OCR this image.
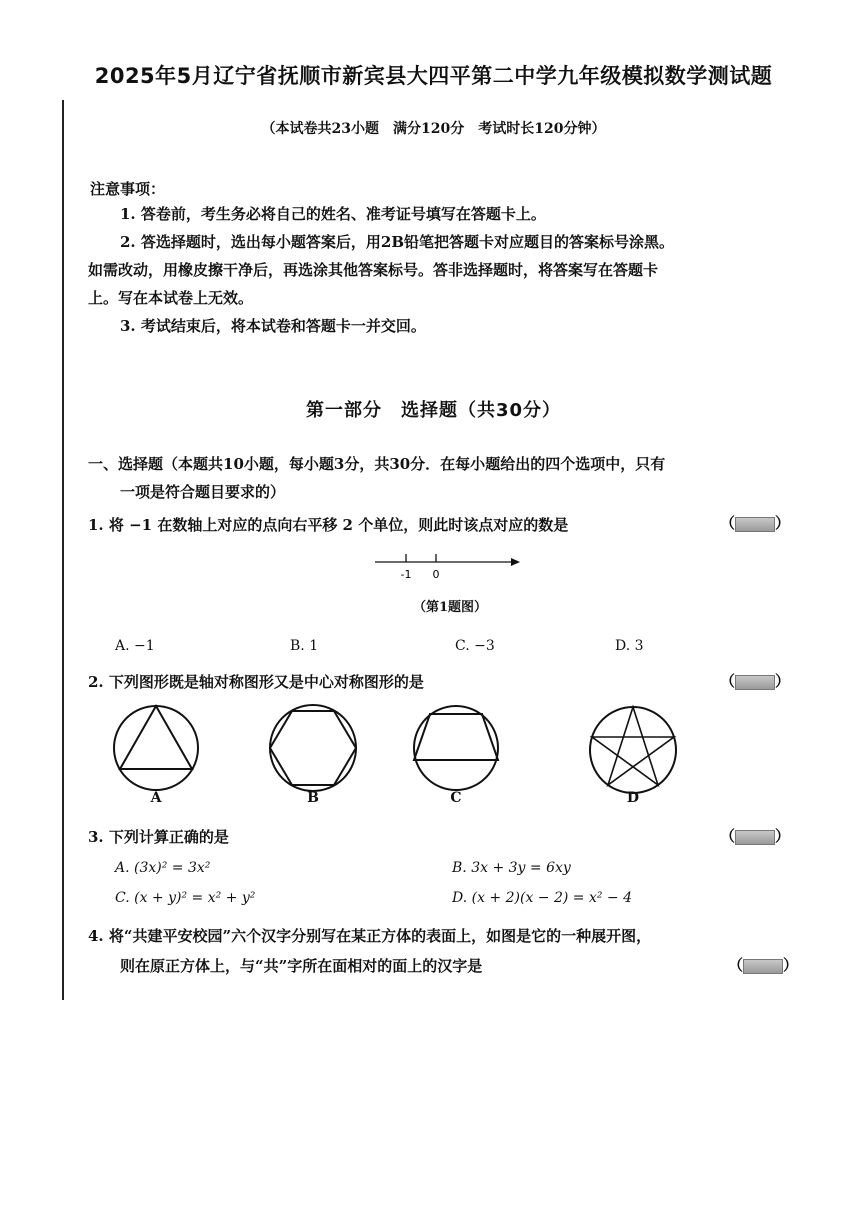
2025年5月辽宁省抚顺市新宾县大四平第二中学九年级模拟数学测试题
（本试卷共23小题　满分120分　考试时长120分钟）
注意事项：
1. 答卷前，考生务必将自己的姓名、准考证号填写在答题卡上。
2. 答选择题时，选出每小题答案后，用2B铅笔把答题卡对应题目的答案标号涂黑。
如需改动，用橡皮擦干净后，再选涂其他答案标号。答非选择题时，将答案写在答题卡
上。写在本试卷上无效。
3. 考试结束后，将本试卷和答题卡一并交回。
第一部分　选择题（共30分）
一、选择题（本题共10小题，每小题3分，共30分．在每小题给出的四个选项中，只有
一项是符合题目要求的）
1. 将 −1 在数轴上对应的点向右平移 2 个单位，则此时该点对应的数是	（	）
-1 0
（第1题图）
A. −1	B. 1	C. −3	D. 3
2. 下列图形既是轴对称图形又是中心对称图形的是	（	）
A	B	C	D
3. 下列计算正确的是	（	）
A. (3x)² = 3x²	B. 3x + 3y = 6xy
C. (x + y)² = x² + y²	D. (x + 2)(x − 2) = x² − 4
4. 将“共建平安校园”六个汉字分别写在某正方体的表面上，如图是它的一种展开图，
则在原正方体上，与“共”字所在面相对的面上的汉字是	（	）
